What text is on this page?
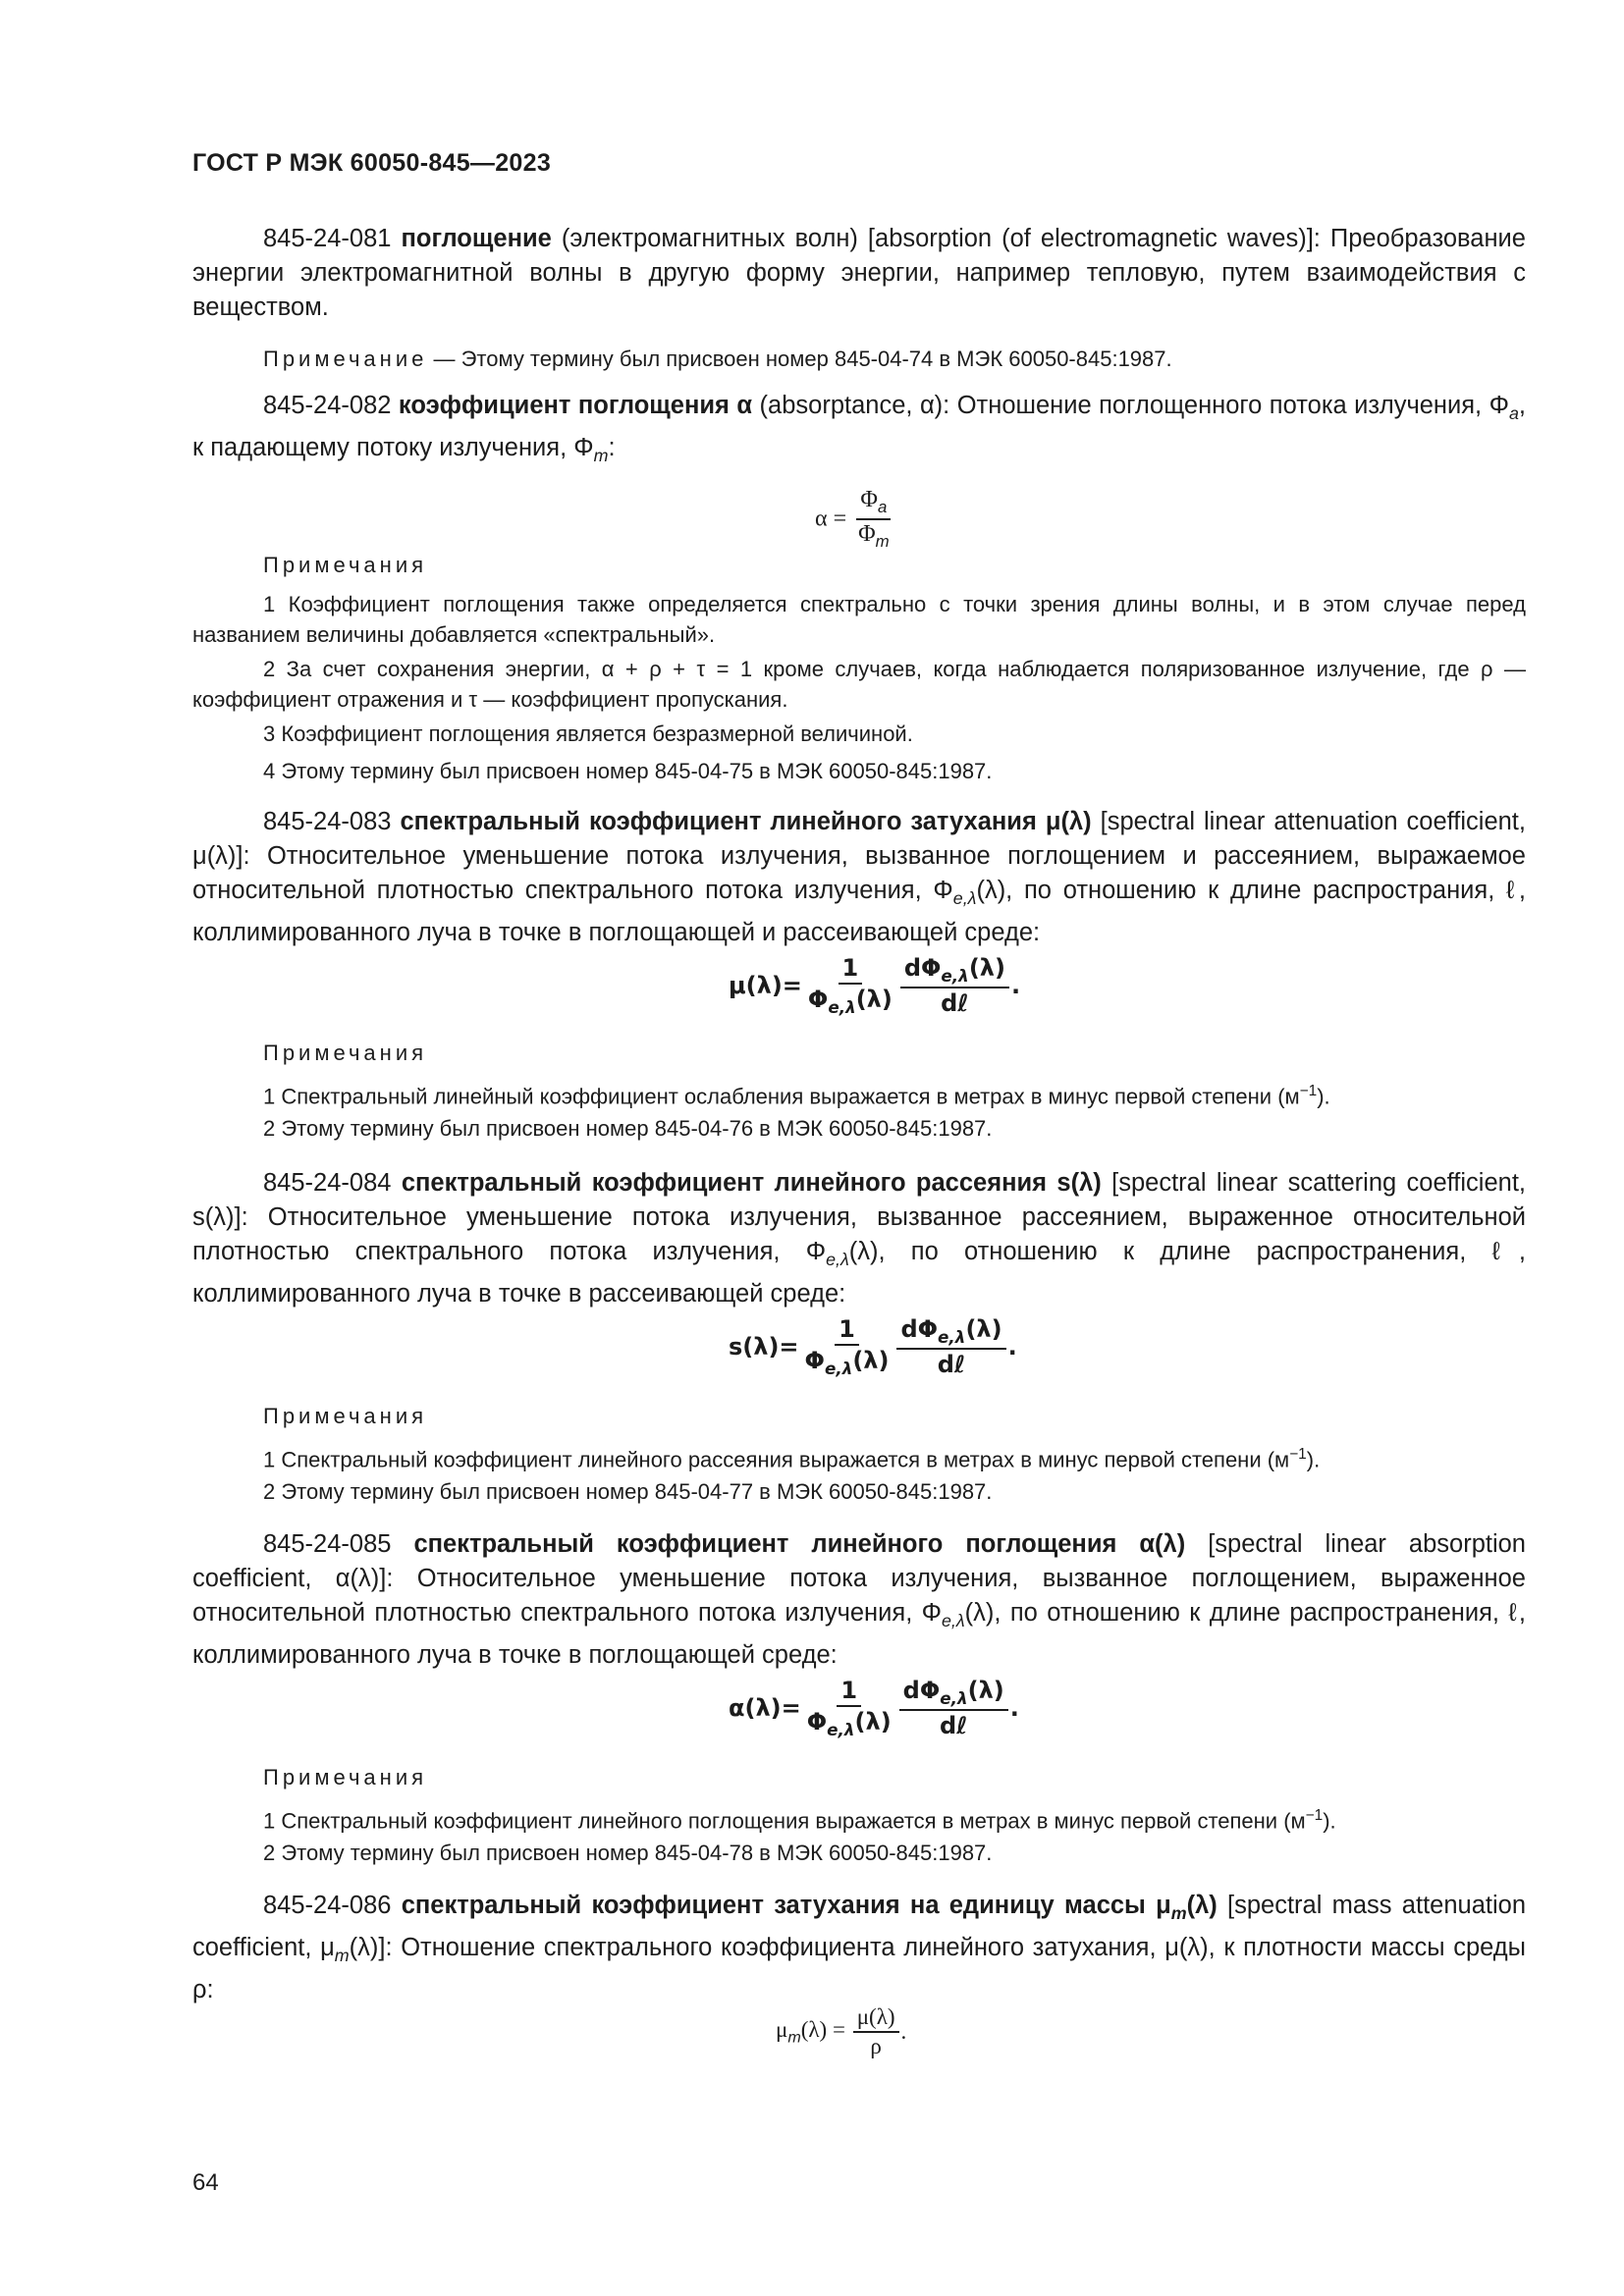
ГОСТ Р МЭК 60050-845—2023
845-24-081 поглощение (электромагнитных волн) [absorption (of electromagnetic waves)]: Преобразование энергии электромагнитной волны в другую форму энергии, например тепловую, путем взаимодействия с веществом.
Примечание — Этому термину был присвоен номер 845-04-74 в МЭК 60050-845:1987.
845-24-082 коэффициент поглощения α (absorptance, α): Отношение поглощенного потока излучения, $\Phi_a$, к падающему потоку излучения, $\Phi_m$:
$\alpha = \frac{\Phi_a}{\Phi_m}$
Примечания
1 Коэффициент поглощения также определяется спектрально с точки зрения длины волны, и в этом случае перед названием величины добавляется «спектральный».
2 За счет сохранения энергии, α + ρ + τ = 1 кроме случаев, когда наблюдается поляризованное излучение, где ρ — коэффициент отражения и τ — коэффициент пропускания.
3 Коэффициент поглощения является безразмерной величиной.
4 Этому термину был присвоен номер 845-04-75 в МЭК 60050-845:1987.
845-24-083 спектральный коэффициент линейного затухания μ(λ) [spectral linear attenuation coefficient, μ(λ)]: Относительное уменьшение потока излучения, вызванное поглощением и рассеянием, выражаемое относительной плотностью спектрального потока излучения, $\Phi_{e,\lambda}(\lambda)$, по отношению к длине распространия, ℓ, коллимированного луча в точке в поглощающей и рассеивающей среде:
$\mu(\lambda)= \frac{1}{\Phi_{e,\lambda}(\lambda)} \frac{d\Phi_{e,\lambda}(\lambda)}{\text{dℓ}}$ .
Примечания
1 Спектральный линейный коэффициент ослабления выражается в метрах в минус первой степени $(м^{-1})$.
2 Этому термину был присвоен номер 845-04-76 в МЭК 60050-845:1987.
845-24-084 спектральный коэффициент линейного рассеяния s(λ) [spectral linear scattering coefficient, s(λ)]: Относительное уменьшение потока излучения, вызванное рассеянием, выраженное относительной плотностью спектрального потока излучения, $\Phi_{e,\lambda}(\lambda)$, по отношению к длине распространения, ℓ, коллимированного луча в точке в рассеивающей среде:
$s(\lambda)= \frac{1}{\Phi_{e,\lambda}(\lambda)} \frac{d\Phi_{e,\lambda}(\lambda)}{\text{dℓ}}$ .
Примечания
1 Спектральный коэффициент линейного рассеяния выражается в метрах в минус первой степени $(м^{-1})$.
2 Этому термину был присвоен номер 845-04-77 в МЭК 60050-845:1987.
845-24-085 спектральный коэффициент линейного поглощения α(λ) [spectral linear absorption coefficient, α(λ)]: Относительное уменьшение потока излучения, вызванное поглощением, выраженное относительной плотностью спектрального потока излучения, $\Phi_{e,\lambda}(\lambda)$, по отношению к длине распространения, ℓ, коллимированного луча в точке в поглощающей среде:
$\alpha(\lambda)= \frac{1}{\Phi_{e,\lambda}(\lambda)} \frac{d\Phi_{e,\lambda}(\lambda)}{\text{dℓ}}$ .
Примечания
1 Спектральный коэффициент линейного поглощения выражается в метрах в минус первой степени $(м^{-1})$.
2 Этому термину был присвоен номер 845-04-78 в МЭК 60050-845:1987.
845-24-086 спектральный коэффициент затухания на единицу массы $\mu_m(\lambda)$ [spectral mass attenuation coefficient, $\mu_m(\lambda)$]: Отношение спектрального коэффициента линейного затухания, μ(λ), к плотности массы среды ρ:
$\mu_m(\lambda) = \frac{\mu(\lambda)}{\rho}$ .
64
